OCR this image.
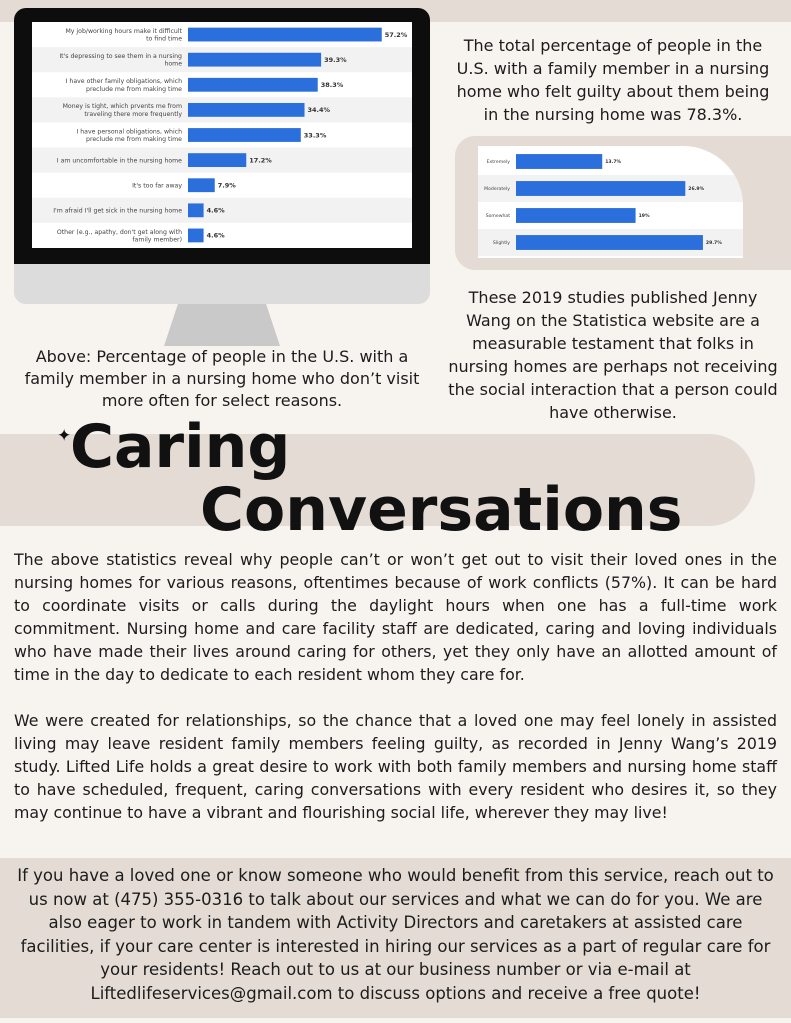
My job/working hours make it difficult to find time
57.2%
It's depressing to see them in a nursing home
39.3%
I have other family obligations, which preclude me from making time
38.3%
Money is tight, which prvents me from traveling there more frequently
34.4%
I have personal obligations, which preclude me from making time
33.3%
I am uncomfortable in the nursing home	17.2%
It's too far away	7.9%
I'm afraid I'll get sick in the nursing home	4.6%
Other (e.g., apathy, don't get along with family member)
4.6%
Above: Percentage of people in the U.S. with a family member in a nursing home who don’t visit more often for select reasons.
The total percentage of people in the U.S. with a family member in a nursing home who felt guilty about them being in the nursing home was 78.3%.
Extremely	13.7%
Moderately	26.9%
Somewhat	19%
Slightly	29.7%
These 2019 studies published Jenny Wang on the Statistica website are a measurable testament that folks in nursing homes are perhaps not receiving the social interaction that a person could have otherwise.
✦
Caring
Conversations

The above statistics reveal why people can’t or won’t get out to visit their loved ones in the nursing homes for various reasons, oftentimes because of work conflicts (57%). It can be hard to coordinate visits or calls during the daylight hours when one has a full-time work commitment. Nursing home and care facility staff are dedicated, caring and loving individuals who have made their lives around caring for others, yet they only have an allotted amount of time in the day to dedicate to each resident whom they care for.

We were created for relationships, so the chance that a loved one may feel lonely in assisted living may leave resident family members feeling guilty, as recorded in Jenny Wang’s 2019 study. Lifted Life holds a great desire to work with both family members and nursing home staff to have scheduled, frequent, caring conversations with every resident who desires it, so they may continue to have a vibrant and flourishing social life, wherever they may live!

If you have a loved one or know someone who would benefit from this service, reach out to us now at (475) 355-0316 to talk about our services and what we can do for you. We are also eager to work in tandem with Activity Directors and caretakers at assisted care facilities, if your care center is interested in hiring our services as a part of regular care for your residents! Reach out to us at our business number or via e-mail at Liftedlifeservices@gmail.com to discuss options and receive a free quote!
